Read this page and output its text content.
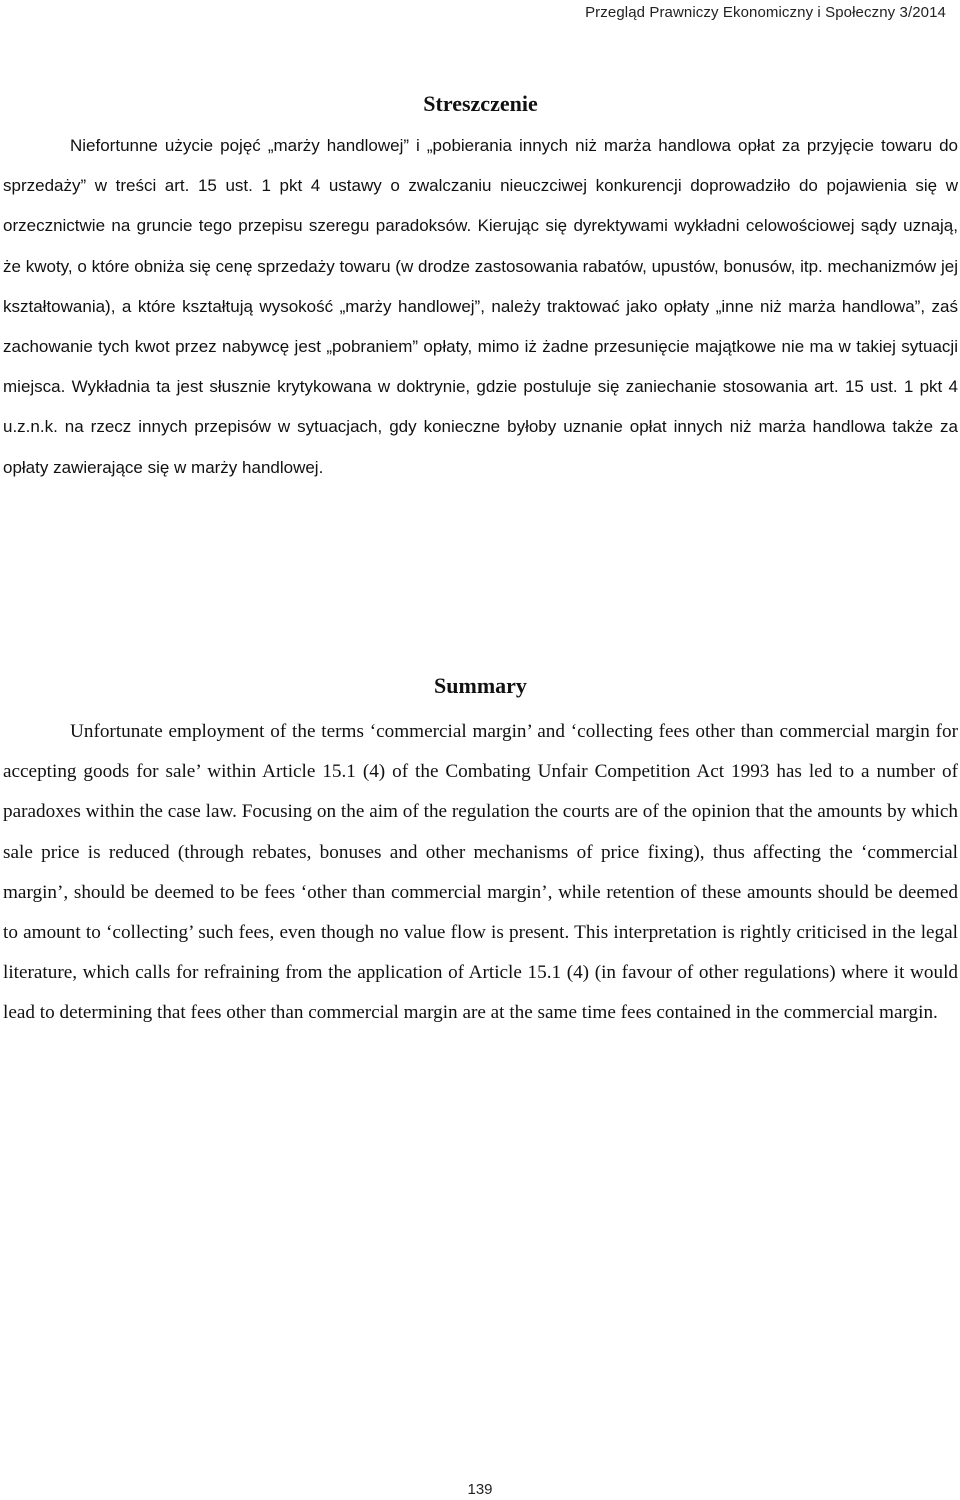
Przegląd Prawniczy Ekonomiczny i Społeczny 3/2014
Streszczenie

Niefortunne użycie pojęć „marży handlowej” i „pobierania innych niż marża handlowa opłat za przyjęcie towaru do sprzedaży” w treści art. 15 ust. 1 pkt 4 ustawy o zwalczaniu nieuczciwej konkurencji doprowadziło do pojawienia się w orzecznictwie na gruncie tego przepisu szeregu paradoksów. Kierując się dyrektywami wykładni celowościowej sądy uznają, że kwoty, o które obniża się cenę sprzedaży towaru (w drodze zastosowania rabatów, upustów, bonusów, itp. mechanizmów jej kształtowania), a które kształtują wysokość „marży handlowej”, należy traktować jako opłaty „inne niż marża handlowa”, zaś zachowanie tych kwot przez nabywcę jest „pobraniem” opłaty, mimo iż żadne przesunięcie majątkowe nie ma w takiej sytuacji miejsca. Wykładnia ta jest słusznie krytykowana w doktrynie, gdzie postuluje się zaniechanie stosowania art. 15 ust. 1 pkt 4 u.z.n.k. na rzecz innych przepisów w sytuacjach, gdy konieczne byłoby uznanie opłat innych niż marża handlowa także za opłaty zawierające się w marży handlowej.

Summary

Unfortunate employment of the terms ‘commercial margin’ and ‘collecting fees other than commercial margin for accepting goods for sale’ within Article 15.1 (4) of the Combating Unfair Competition Act 1993 has led to a number of paradoxes within the case law. Focusing on the aim of the regulation the courts are of the opinion that the amounts by which sale price is reduced (through rebates, bonuses and other mechanisms of price fixing), thus affecting the ‘commercial margin’, should be deemed to be fees ‘other than commercial margin’, while retention of these amounts should be deemed to amount to ‘collecting’ such fees, even though no value flow is present. This interpretation is rightly criticised in the legal literature, which calls for refraining from the application of Article 15.1 (4) (in favour of other regulations) where it would lead to determining that fees other than commercial margin are at the same time fees contained in the commercial margin.

139
